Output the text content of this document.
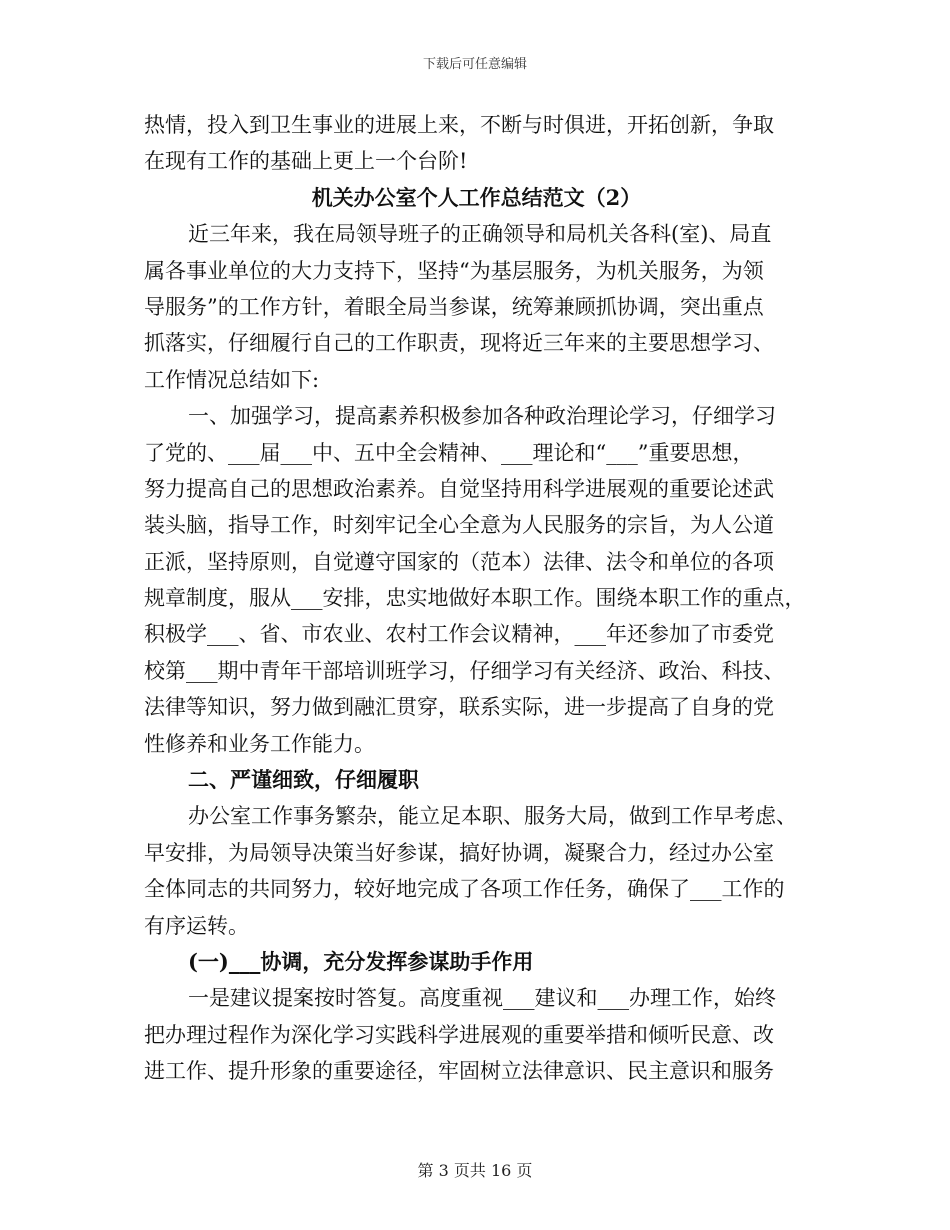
下载后可任意编辑
热情，投入到卫生事业的进展上来，不断与时俱进，开拓创新，争取
在现有工作的基础上更上一个台阶!
机关办公室个人工作总结范文（2）
近三年来，我在局领导班子的正确领导和局机关各科(室)、局直
属各事业单位的大力支持下，坚持“为基层服务，为机关服务，为领
导服务”的工作方针，着眼全局当参谋，统筹兼顾抓协调，突出重点
抓落实，仔细履行自己的工作职责，现将近三年来的主要思想学习、
工作情况总结如下:
一、加强学习，提高素养积极参加各种政治理论学习，仔细学习
了党的、___届___中、五中全会精神、___理论和“___”重要思想，
努力提高自己的思想政治素养。自觉坚持用科学进展观的重要论述武
装头脑，指导工作，时刻牢记全心全意为人民服务的宗旨，为人公道
正派，坚持原则，自觉遵守国家的（范本）法律、法令和单位的各项
规章制度，服从___安排，忠实地做好本职工作。围绕本职工作的重点，
积极学___、省、市农业、农村工作会议精神，___年还参加了市委党
校第___期中青年干部培训班学习，仔细学习有关经济、政治、科技、
法律等知识，努力做到融汇贯穿，联系实际，进一步提高了自身的党
性修养和业务工作能力。
二、严谨细致，仔细履职
办公室工作事务繁杂，能立足本职、服务大局，做到工作早考虑、
早安排，为局领导决策当好参谋，搞好协调，凝聚合力，经过办公室
全体同志的共同努力，较好地完成了各项工作任务，确保了___工作的
有序运转。
(一)___协调，充分发挥参谋助手作用
一是建议提案按时答复。高度重视___建议和___办理工作，始终
把办理过程作为深化学习实践科学进展观的重要举措和倾听民意、改
进工作、提升形象的重要途径，牢固树立法律意识、民主意识和服务
第 3 页共 16 页
